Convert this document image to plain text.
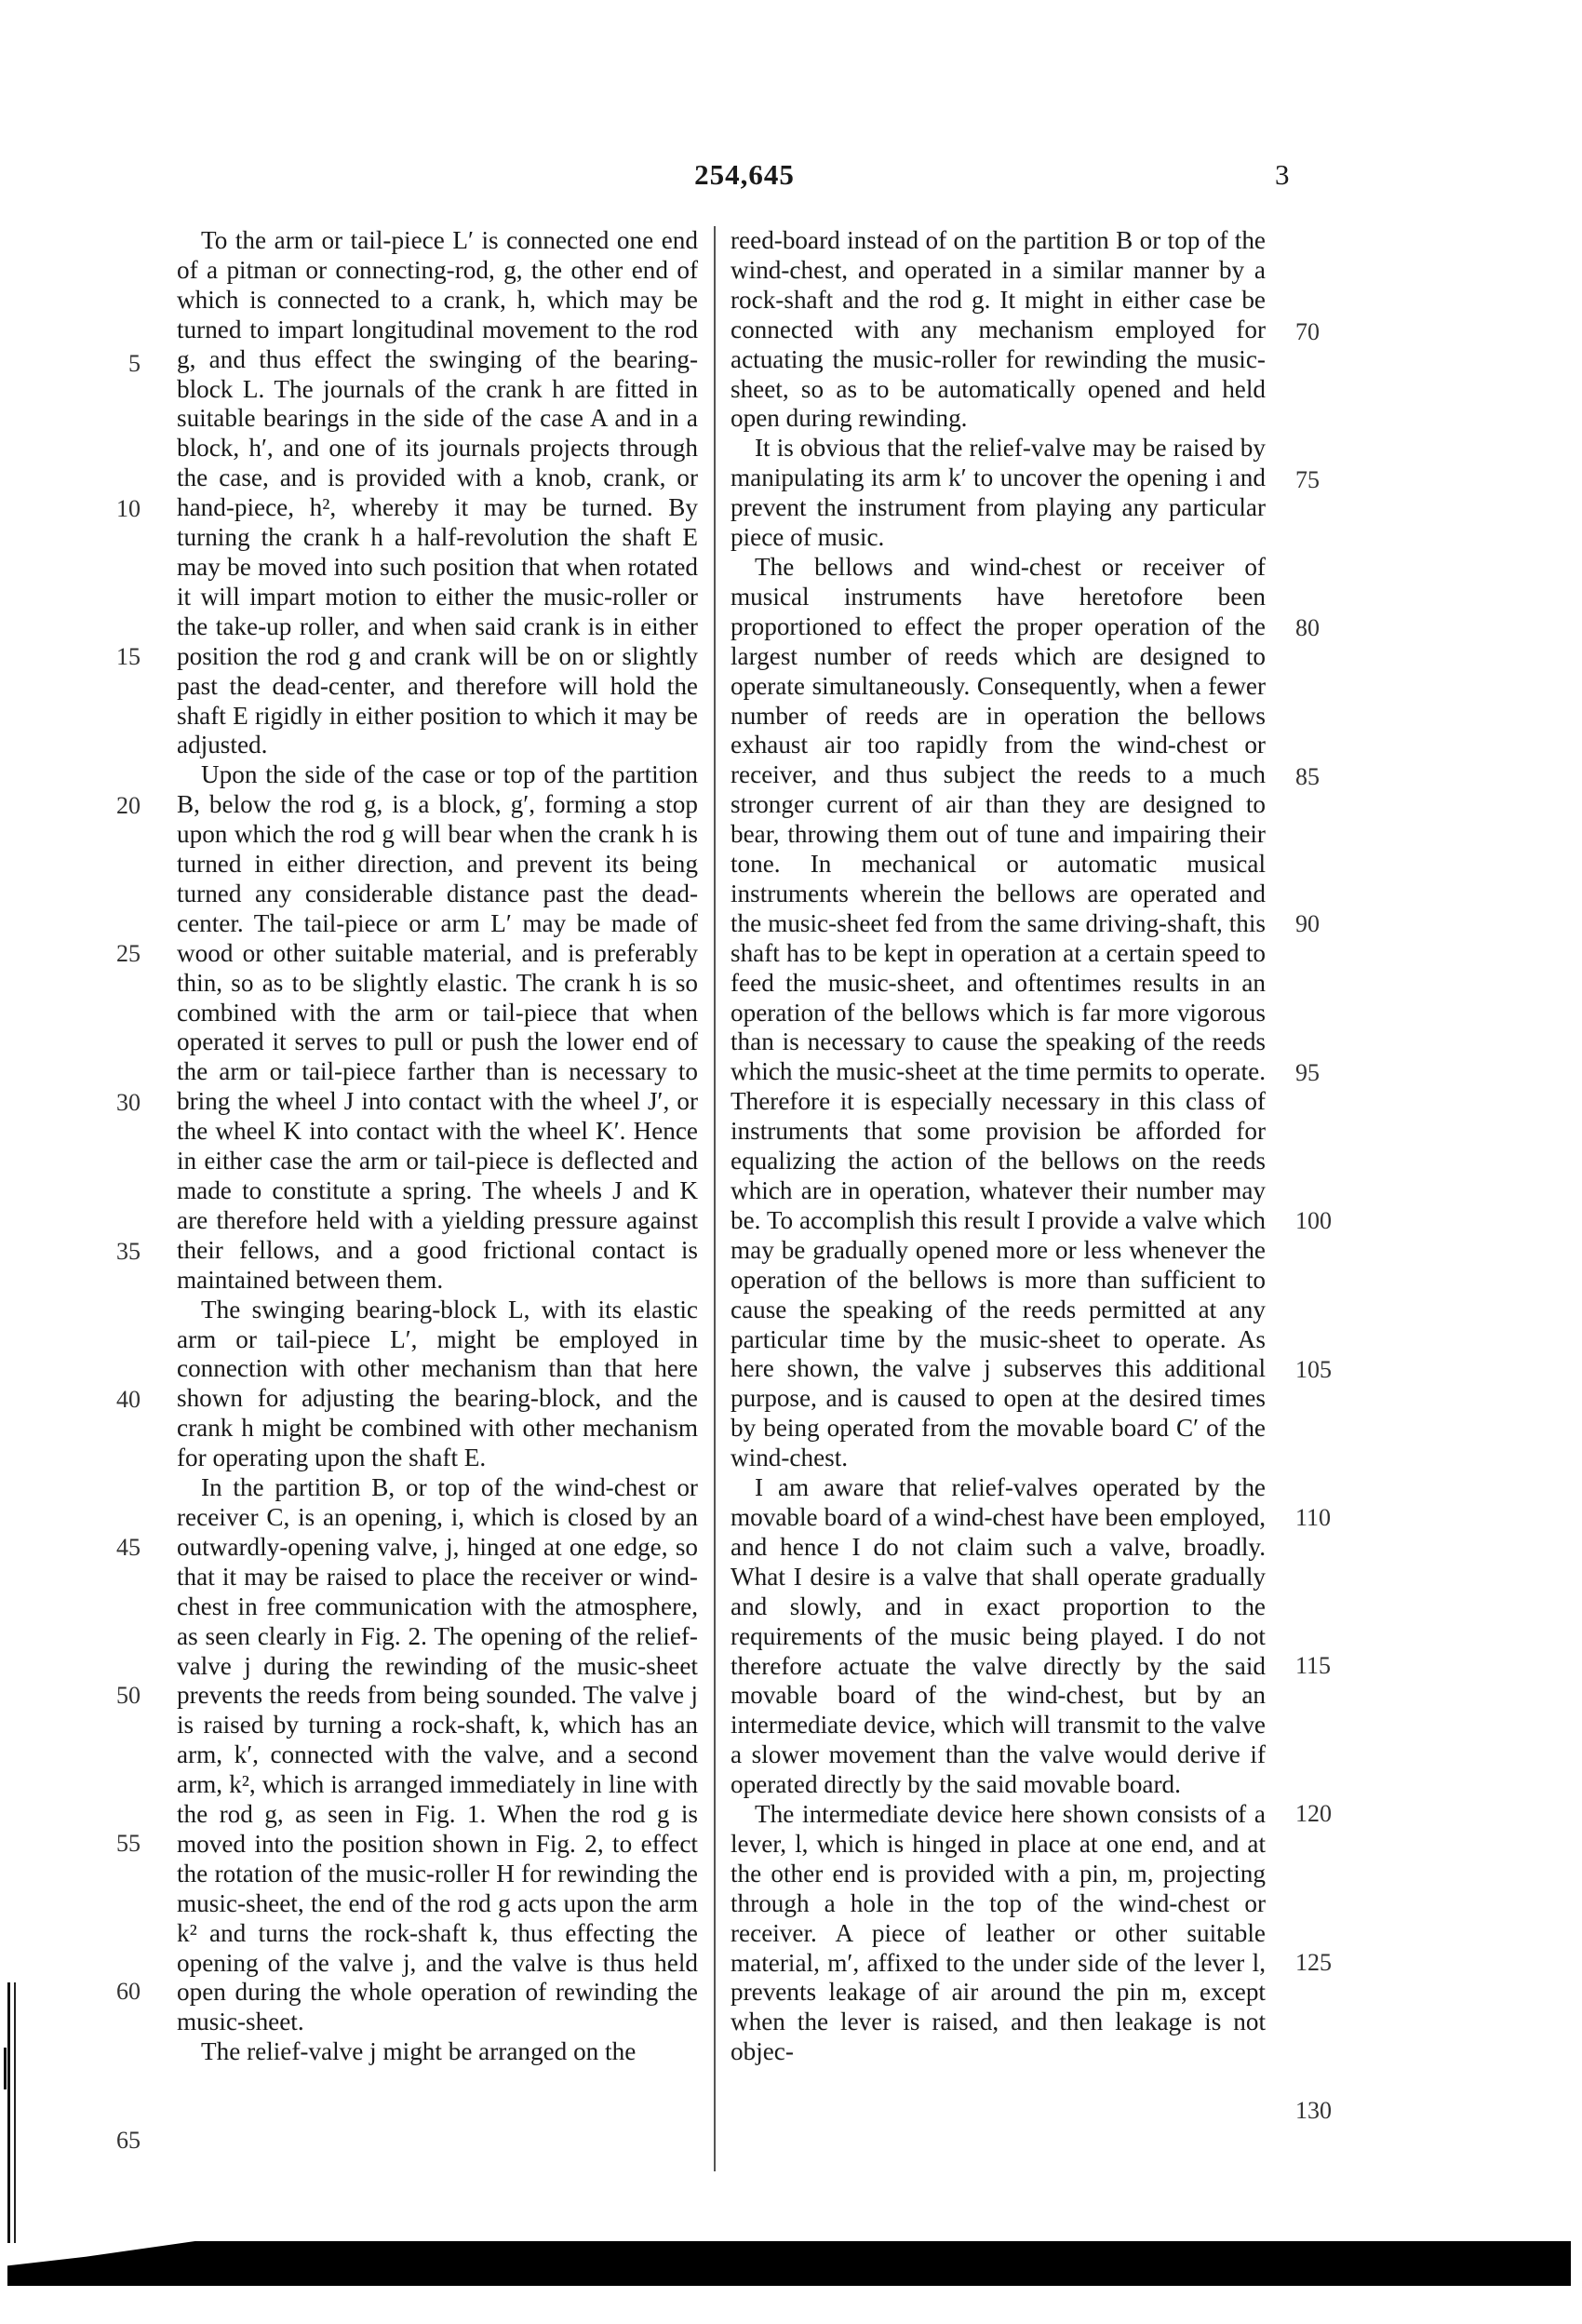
254,645	3

To the arm or tail-piece L′ is connected one end of a pitman or connecting-rod, g, the other end of which is connected to a crank, h, which may be turned to impart longitudinal movement to the rod g, and thus effect the swinging of the bearing-block L. The journals of the crank h are fitted in suitable bearings in the side of the case A and in a block, h′, and one of its journals projects through the case, and is provided with a knob, crank, or hand-piece, h², whereby it may be turned. By turning the crank h a half-revolution the shaft E may be moved into such position that when rotated it will impart motion to either the music-roller or the take-up roller, and when said crank is in either position the rod g and crank will be on or slightly past the dead-center, and therefore will hold the shaft E rigidly in either position to which it may be adjusted.

Upon the side of the case or top of the partition B, below the rod g, is a block, g′, forming a stop upon which the rod g will bear when the crank h is turned in either direction, and prevent its being turned any considerable distance past the dead-center. The tail-piece or arm L′ may be made of wood or other suitable material, and is preferably thin, so as to be slightly elastic. The crank h is so combined with the arm or tail-piece that when operated it serves to pull or push the lower end of the arm or tail-piece farther than is necessary to bring the wheel J into contact with the wheel J′, or the wheel K into contact with the wheel K′. Hence in either case the arm or tail-piece is deflected and made to constitute a spring. The wheels J and K are therefore held with a yielding pressure against their fellows, and a good frictional contact is maintained between them.

The swinging bearing-block L, with its elastic arm or tail-piece L′, might be employed in connection with other mechanism than that here shown for adjusting the bearing-block, and the crank h might be combined with other mechanism for operating upon the shaft E.

In the partition B, or top of the wind-chest or receiver C, is an opening, i, which is closed by an outwardly-opening valve, j, hinged at one edge, so that it may be raised to place the receiver or wind-chest in free communication with the atmosphere, as seen clearly in Fig. 2. The opening of the relief-valve j during the rewinding of the music-sheet prevents the reeds from being sounded. The valve j is raised by turning a rock-shaft, k, which has an arm, k′, connected with the valve, and a second arm, k², which is arranged immediately in line with the rod g, as seen in Fig. 1. When the rod g is moved into the position shown in Fig. 2, to effect the rotation of the music-roller H for rewinding the music-sheet, the end of the rod g acts upon the arm k² and turns the rock-shaft k, thus effecting the opening of the valve j, and the valve is thus held open during the whole operation of rewinding the music-sheet.

The relief-valve j might be arranged on the

reed-board instead of on the partition B or top of the wind-chest, and operated in a similar manner by a rock-shaft and the rod g. It might in either case be connected with any mechanism employed for actuating the music-roller for rewinding the music-sheet, so as to be automatically opened and held open during rewinding.

It is obvious that the relief-valve may be raised by manipulating its arm k′ to uncover the opening i and prevent the instrument from playing any particular piece of music.

The bellows and wind-chest or receiver of musical instruments have heretofore been proportioned to effect the proper operation of the largest number of reeds which are designed to operate simultaneously. Consequently, when a fewer number of reeds are in operation the bellows exhaust air too rapidly from the wind-chest or receiver, and thus subject the reeds to a much stronger current of air than they are designed to bear, throwing them out of tune and impairing their tone. In mechanical or automatic musical instruments wherein the bellows are operated and the music-sheet fed from the same driving-shaft, this shaft has to be kept in operation at a certain speed to feed the music-sheet, and oftentimes results in an operation of the bellows which is far more vigorous than is necessary to cause the speaking of the reeds which the music-sheet at the time permits to operate. Therefore it is especially necessary in this class of instruments that some provision be afforded for equalizing the action of the bellows on the reeds which are in operation, whatever their number may be. To accomplish this result I provide a valve which may be gradually opened more or less whenever the operation of the bellows is more than sufficient to cause the speaking of the reeds permitted at any particular time by the music-sheet to operate. As here shown, the valve j subserves this additional purpose, and is caused to open at the desired times by being operated from the movable board C′ of the wind-chest.

I am aware that relief-valves operated by the movable board of a wind-chest have been employed, and hence I do not claim such a valve, broadly. What I desire is a valve that shall operate gradually and slowly, and in exact proportion to the requirements of the music being played. I do not therefore actuate the valve directly by the said movable board of the wind-chest, but by an intermediate device, which will transmit to the valve a slower movement than the valve would derive if operated directly by the said movable board.

The intermediate device here shown consists of a lever, l, which is hinged in place at one end, and at the other end is provided with a pin, m, projecting through a hole in the top of the wind-chest or receiver. A piece of leather or other suitable material, m′, affixed to the under side of the lever l, prevents leakage of air around the pin m, except when the lever is raised, and then leakage is not objec-

5
10
15
20
25
30
35
40
45
50
55
60
65
70
75
80
85
90
95
100
105
110
115
120
125
130
